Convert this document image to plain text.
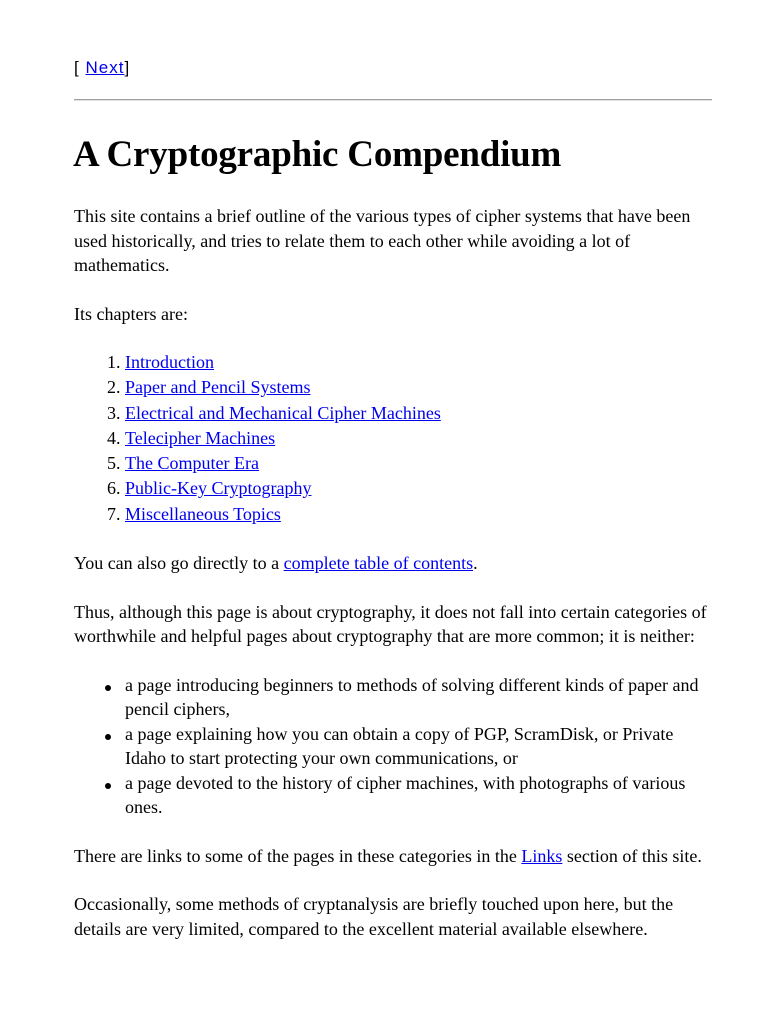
[ Next]
A Cryptographic Compendium

This site contains a brief outline of the various types of cipher systems that have been used historically, and tries to relate them to each other while avoiding a lot of mathematics.

Its chapters are:

1. Introduction
2. Paper and Pencil Systems
3. Electrical and Mechanical Cipher Machines
4. Telecipher Machines
5. The Computer Era
6. Public-Key Cryptography
7. Miscellaneous Topics

You can also go directly to a complete table of contents.

Thus, although this page is about cryptography, it does not fall into certain categories of worthwhile and helpful pages about cryptography that are more common; it is neither:

a page introducing beginners to methods of solving different kinds of paper and pencil ciphers,
a page explaining how you can obtain a copy of PGP, ScramDisk, or Private Idaho to start protecting your own communications, or
a page devoted to the history of cipher machines, with photographs of various ones.

There are links to some of the pages in these categories in the Links section of this site.

Occasionally, some methods of cryptanalysis are briefly touched upon here, but the details are very limited, compared to the excellent material available elsewhere.
